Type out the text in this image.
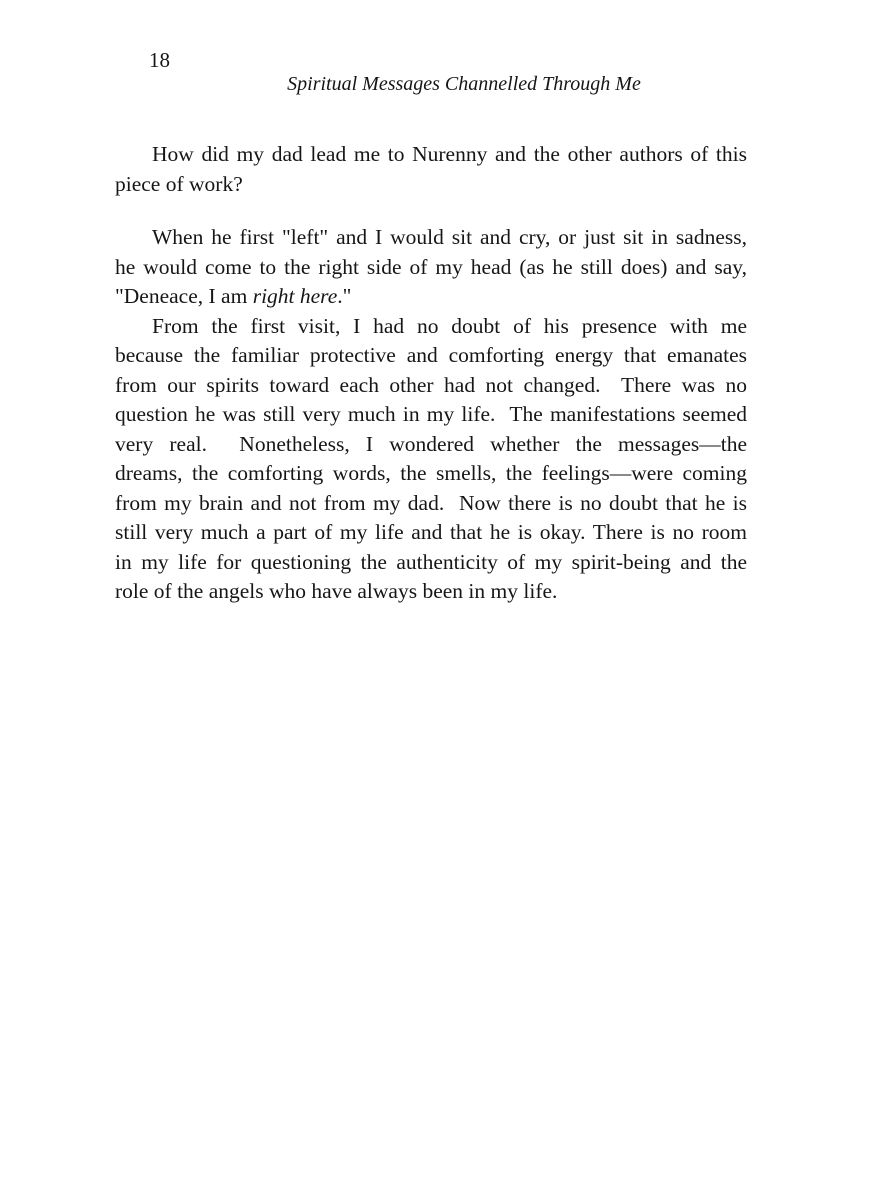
18
Spiritual Messages Channelled Through Me
How did my dad lead me to Nurenny and the other authors of this
piece of work?
When he first "left" and I would sit and cry, or just sit in sadness,
he would come to the right side of my head (as he still does) and say,
"Deneace, I am right here."
From the first visit, I had no doubt of his presence with me
because the familiar protective and comforting energy that emanates
from our spirits toward each other had not changed.  There was no
question he was still very much in my life.  The manifestations seemed
very real.  Nonetheless, I wondered whether the messages—the
dreams, the comforting words, the smells, the feelings—were coming
from my brain and not from my dad.  Now there is no doubt that he is
still very much a part of my life and that he is okay. There is no room
in my life for questioning the authenticity of my spirit-being and the
role of the angels who have always been in my life.
